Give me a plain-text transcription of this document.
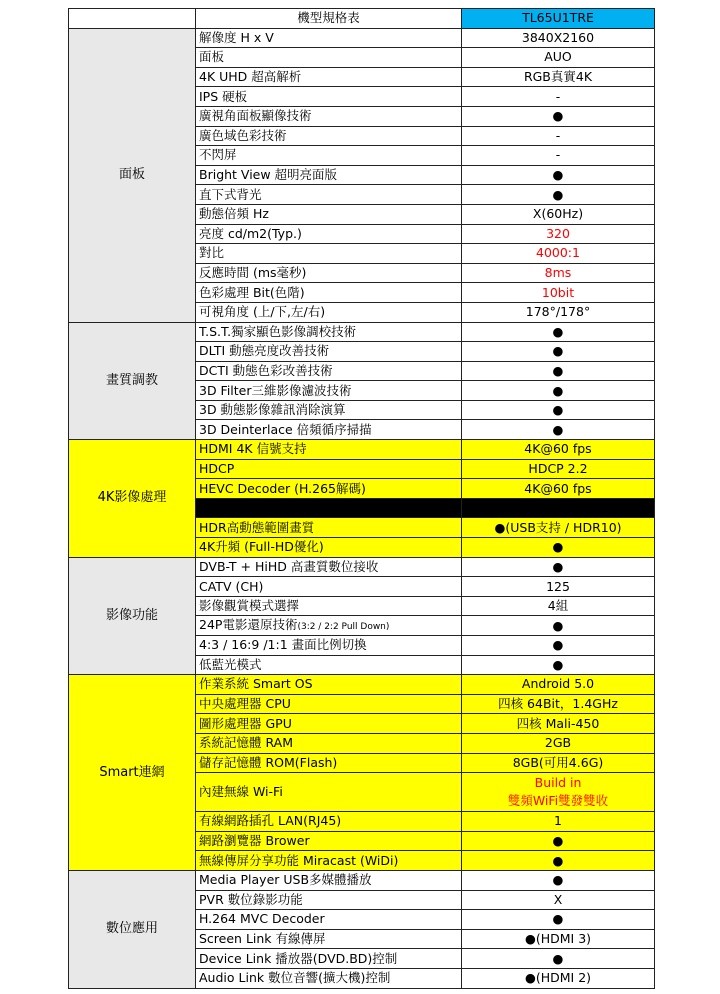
	機型規格表	TL65U1TRE
面板	解像度 H x V	3840X2160
	面板	AUO
	4K UHD 超高解析	RGB真實4K
	IPS 硬板	-
	廣視角面板顯像技術	●
	廣色域色彩技術	-
	不閃屏	-
	Bright View 超明亮面版	●
	直下式背光	●
	動態倍頻 Hz	X(60Hz)
	亮度 cd/m2(Typ.)	320
	對比	4000:1
	反應時間 (ms毫秒)	8ms
	色彩處理 Bit(色階)	10bit
	可視角度 (上/下,左/右)	178°/178°
畫質調教	T.S.T.獨家顯色影像調校技術	●
	DLTI 動態亮度改善技術	●
	DCTI 動態色彩改善技術	●
	3D Filter三維影像濾波技術	●
	3D 動態影像雜訊消除演算	●
	3D Deinterlace 倍頻循序掃描	●
4K影像處理	HDMI 4K 信號支持	4K@60 fps
	HDCP	HDCP 2.2
	HEVC Decoder (H.265解碼)	4K@60 fps
	VP9 編碼解析	X(支援至VP8)
	HDR高動態範圍畫質	●(USB支持 / HDR10)
	4K升頻 (Full-HD優化)	●
影像功能	DVB-T + HiHD 高畫質數位接收	●
	CATV (CH)	125
	影像觀賞模式選擇	4組
	24P電影還原技術(3:2 / 2:2 Pull Down)	●
	4:3 / 16:9 /1:1 畫面比例切換	●
	低藍光模式	●
Smart連網	作業系統 Smart OS	Android 5.0
	中央處理器 CPU	四核 64Bit，1.4GHz
	圖形處理器 GPU	四核 Mali-450
	系統記憶體 RAM	2GB
	儲存記憶體 ROM(Flash)	8GB(可用4.6G)
	內建無線 Wi-Fi	Build in
雙頻WiFi雙發雙收
	有線網路插孔 LAN(RJ45)	1
	網路瀏覽器 Brower	●
	無線傳屏分享功能 Miracast (WiDi)	●
數位應用	Media Player USB多媒體播放	●
	PVR 數位錄影功能	X
	H.264 MVC Decoder	●
	Screen Link 有線傳屏	●(HDMI 3)
	Device Link 播放器(DVD.BD)控制	●
	Audio Link 數位音響(擴大機)控制	●(HDMI 2)
